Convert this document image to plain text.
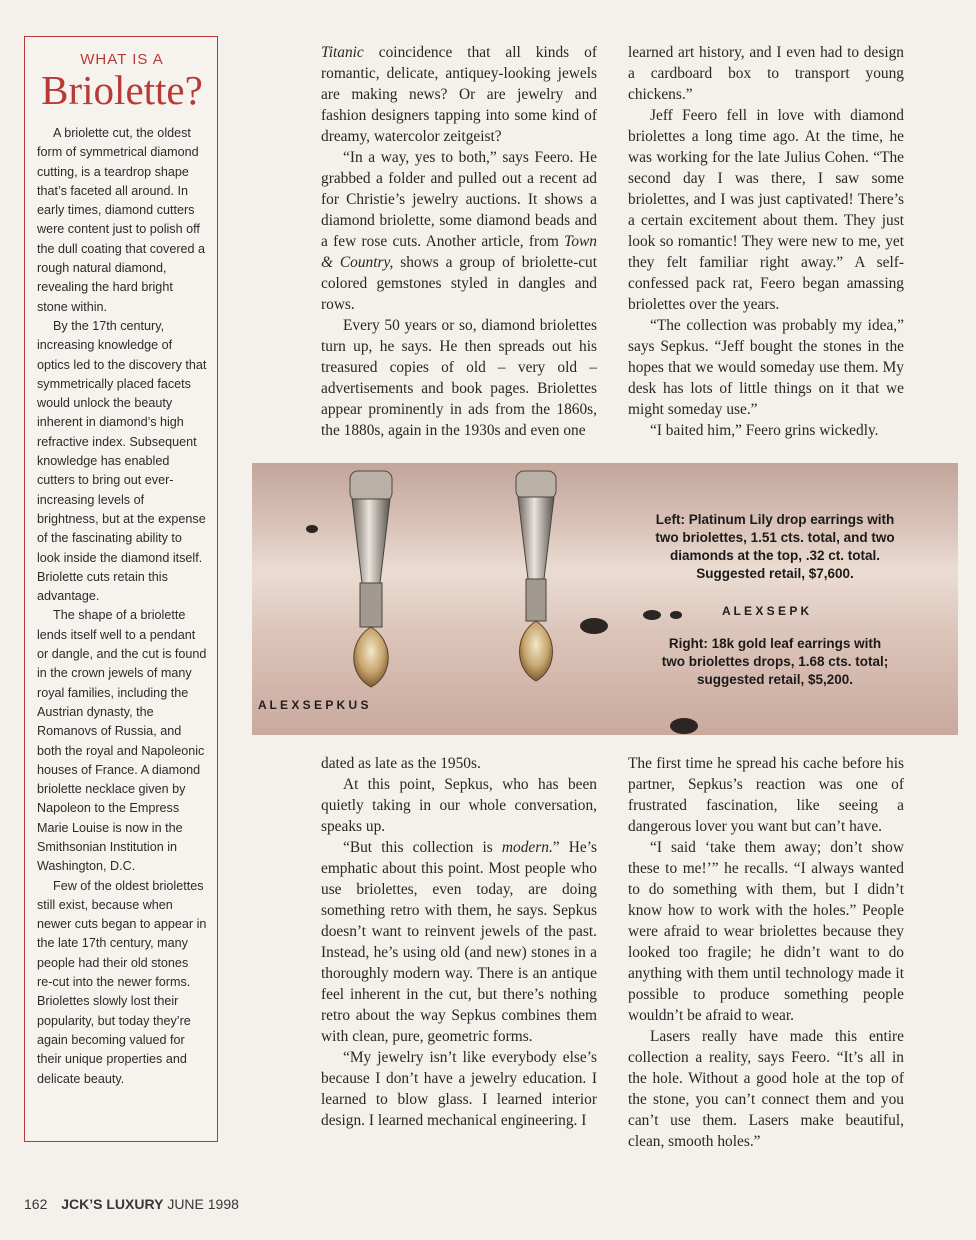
WHAT IS A
Briolette?

A briolette cut, the oldest form of symmetrical diamond cutting, is a teardrop shape that’s faceted all around. In early times, diamond cutters were content just to polish off the dull coating that covered a rough natural diamond, revealing the hard bright stone within.

By the 17th century, increasing knowledge of optics led to the discovery that symmetrically placed facets would unlock the beauty inherent in diamond’s high refractive index. Subsequent knowledge has enabled cutters to bring out ever-increasing levels of brightness, but at the expense of the fascinating ability to look inside the diamond itself. Briolette cuts retain this advantage.

The shape of a briolette lends itself well to a pendant or dangle, and the cut is found in the crown jewels of many royal families, including the Austrian dynasty, the Romanovs of Russia, and both the royal and Napoleonic houses of France. A diamond briolette necklace given by Napoleon to the Empress Marie Louise is now in the Smithsonian Institution in Washington, D.C.

Few of the oldest briolettes still exist, because when newer cuts began to appear in the late 17th century, many people had their old stones re-cut into the newer forms. Briolettes slowly lost their popularity, but today they’re again becoming valued for their unique properties and delicate beauty.

Titanic coincidence that all kinds of romantic, delicate, antiquey-looking jewels are making news? Or are jewelry and fashion designers tapping into some kind of dreamy, watercolor zeitgeist?

“In a way, yes to both,” says Feero. He grabbed a folder and pulled out a recent ad for Christie’s jewelry auctions. It shows a diamond briolette, some diamond beads and a few rose cuts. Another article, from Town & Country, shows a group of briolette-cut colored gemstones styled in dangles and rows.

Every 50 years or so, diamond briolettes turn up, he says. He then spreads out his treasured copies of old – very old – advertisements and book pages. Briolettes appear prominently in ads from the 1860s, the 1880s, again in the 1930s and even one

learned art history, and I even had to design a cardboard box to transport young chickens.”

Jeff Feero fell in love with diamond briolettes a long time ago. At the time, he was working for the late Julius Cohen. “The second day I was there, I saw some briolettes, and I was just captivated! There’s a certain excitement about them. They just look so romantic! They were new to me, yet they felt familiar right away.” A self-confessed pack rat, Feero began amassing briolettes over the years.

“The collection was probably my idea,” says Sepkus. “Jeff bought the stones in the hopes that we would someday use them. My desk has lots of little things on it that we might someday use.”

“I baited him,” Feero grins wickedly.

A L E X S E P K
A L E X S E P K U S
Left: Platinum Lily drop earrings with
two briolettes, 1.51 cts. total, and two
diamonds at the top, .32 ct. total.
Suggested retail, $7,600.
Right: 18k gold leaf earrings with
two briolettes drops, 1.68 cts. total;
suggested retail, $5,200.

dated as late as the 1950s.

At this point, Sepkus, who has been quietly taking in our whole conversation, speaks up.

“But this collection is modern.” He’s emphatic about this point. Most people who use briolettes, even today, are doing something retro with them, he says. Sepkus doesn’t want to reinvent jewels of the past. Instead, he’s using old (and new) stones in a thoroughly modern way. There is an antique feel inherent in the cut, but there’s nothing retro about the way Sepkus combines them with clean, pure, geometric forms.

“My jewelry isn’t like everybody else’s because I don’t have a jewelry education. I learned to blow glass. I learned interior design. I learned mechanical engineering. I

The first time he spread his cache before his partner, Sepkus’s reaction was one of frustrated fascination, like seeing a dangerous lover you want but can’t have.

“I said ‘take them away; don’t show these to me!’” he recalls. “I always wanted to do something with them, but I didn’t know how to work with the holes.” People were afraid to wear briolettes because they looked too fragile; he didn’t want to do anything with them until technology made it possible to produce something people wouldn’t be afraid to wear.

Lasers really have made this entire collection a reality, says Feero. “It’s all in the hole. Without a good hole at the top of the stone, you can’t connect them and you can’t use them. Lasers make beautiful, clean, smooth holes.”

162 JCK’S LUXURY JUNE 1998
